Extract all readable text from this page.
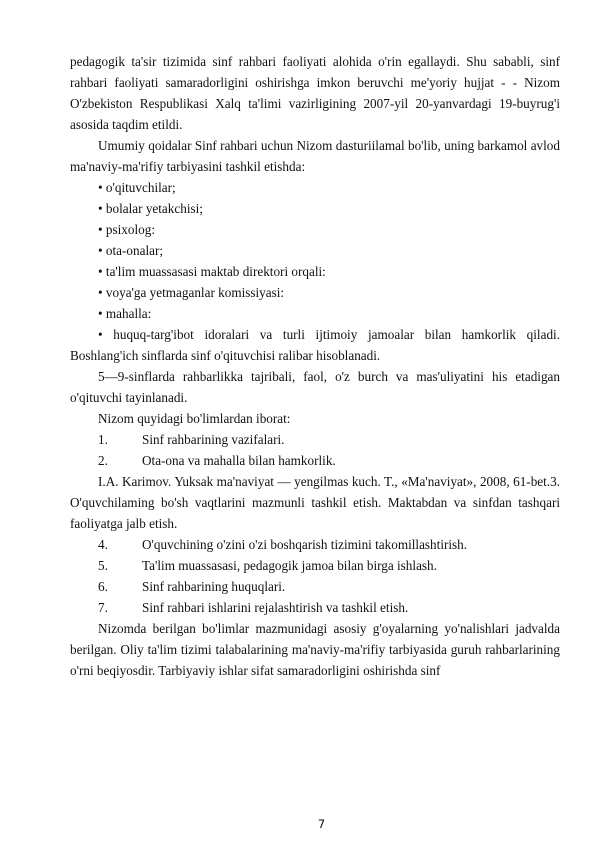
pedagogik ta'sir tizimida sinf rahbari faoliyati alohida o'rin egallaydi. Shu sababli, sinf rahbari faoliyati samaradorligini oshirishga imkon beruvchi me'yoriy hujjat - - Nizom O'zbekiston Respublikasi Xalq ta'limi vazirligining 2007-yil 20-yanvardagi 19-buyrug'i asosida taqdim etildi.

Umumiy qoidalar Sinf rahbari uchun Nizom dasturiilamal bo'lib, uning barkamol avlod ma'naviy-ma'rifiy tarbiyasini tashkil etishda:

• o'qituvchilar;

• bolalar yetakchisi;

• psixolog:

• ota-onalar;

• ta'lim muassasasi maktab direktori orqali:

• voya'ga yetmaganlar komissiyasi:

• mahalla:

• huquq-targ'ibot idoralari va turli ijtimoiy jamoalar bilan hamkorlik qiladi. Boshlang'ich sinflarda sinf o'qituvchisi ralibar hisoblanadi.

5—9-sinflarda rahbarlikka tajribali, faol, o'z burch va mas'uliyatini his etadigan o'qituvchi tayinlanadi.

Nizom quyidagi bo'limlardan iborat:

1.	Sinf rahbarining vazifalari.
2.	Ota-ona va mahalla bilan hamkorlik.

I.A. Karimov. Yuksak ma'naviyat — yengilmas kuch. T., «Ma'naviyat», 2008, 61-bet.3. O'quvchilaming bo'sh vaqtlarini mazmunli tashkil etish. Maktabdan va sinfdan tashqari faoliyatga jalb etish.

4.	O'quvchining o'zini o'zi boshqarish tizimini takomillashtirish.
5.	Ta'lim muassasasi, pedagogik jamoa bilan birga ishlash.
6.	Sinf rahbarining huquqlari.
7.	Sinf rahbari ishlarini rejalashtirish va tashkil etish.

Nizomda berilgan bo'limlar mazmunidagi asosiy g'oyalarning yo'nalishlari jadvalda berilgan. Oliy ta'lim tizimi talabalarining ma'naviy-ma'rifiy tarbiyasida guruh rahbarlarining o'rni beqiyosdir. Tarbiyaviy ishlar sifat samaradorligini oshirishda sinf

7
